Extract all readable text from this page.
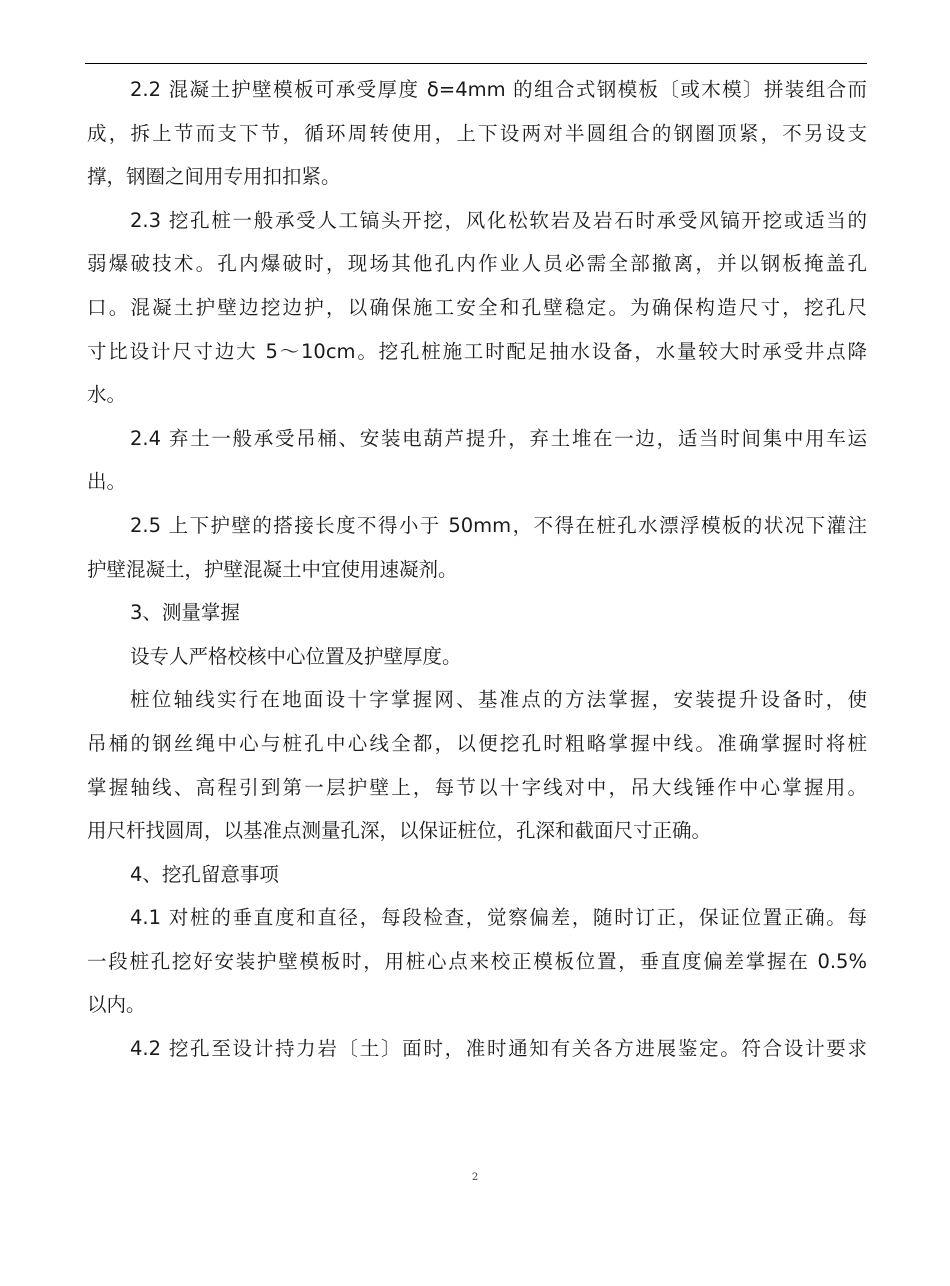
2.2 混凝土护壁模板可承受厚度 δ=4mm 的组合式钢模板〔或木模〕拼装组合而
成，拆上节而支下节，循环周转使用，上下设两对半圆组合的钢圈顶紧，不另设支
撑，钢圈之间用专用扣扣紧。
2.3 挖孔桩一般承受人工镐头开挖，风化松软岩及岩石时承受风镐开挖或适当的
弱爆破技术。孔内爆破时，现场其他孔内作业人员必需全部撤离，并以钢板掩盖孔
口。混凝土护壁边挖边护，以确保施工安全和孔壁稳定。为确保构造尺寸，挖孔尺
寸比设计尺寸边大 5～10cm。挖孔桩施工时配足抽水设备，水量较大时承受井点降
水。
2.4 弃土一般承受吊桶、安装电葫芦提升，弃土堆在一边，适当时间集中用车运
出。
2.5 上下护壁的搭接长度不得小于 50mm，不得在桩孔水漂浮模板的状况下灌注
护壁混凝土，护壁混凝土中宜使用速凝剂。
3、测量掌握
设专人严格校核中心位置及护壁厚度。
桩位轴线实行在地面设十字掌握网、基准点的方法掌握，安装提升设备时，使
吊桶的钢丝绳中心与桩孔中心线全都，以便挖孔时粗略掌握中线。准确掌握时将桩
掌握轴线、高程引到第一层护壁上，每节以十字线对中，吊大线锤作中心掌握用。
用尺杆找圆周，以基准点测量孔深，以保证桩位，孔深和截面尺寸正确。
4、挖孔留意事项
4.1 对桩的垂直度和直径，每段检查，觉察偏差，随时订正，保证位置正确。每
一段桩孔挖好安装护壁模板时，用桩心点来校正模板位置，垂直度偏差掌握在 0.5%
以内。
4.2 挖孔至设计持力岩〔土〕面时，准时通知有关各方进展鉴定。符合设计要求
2
